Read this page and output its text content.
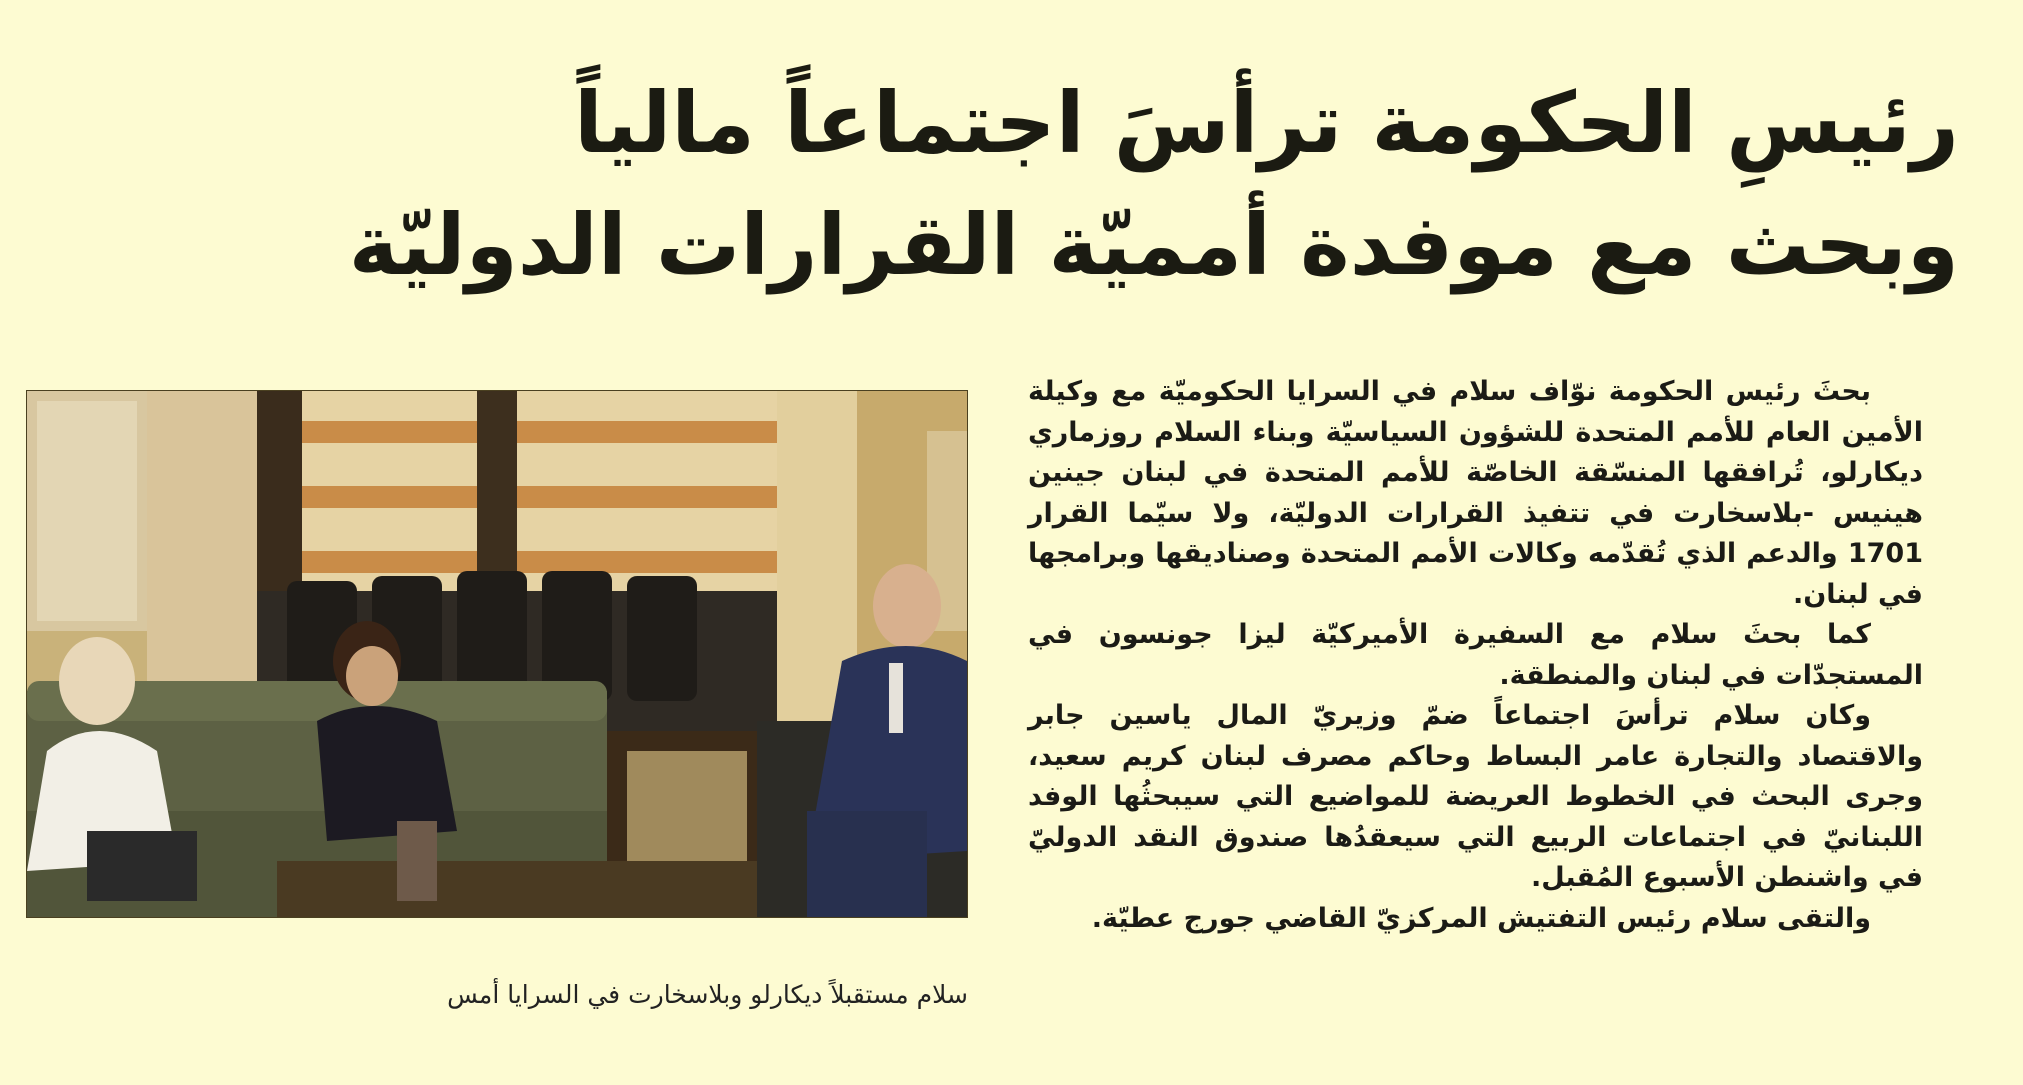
رئيسِ الحكومة ترأسَ اجتماعاً مالياً
وبحث مع موفدة أمميّة القرارات الدوليّة

بحثَ رئيس الحكومة نوّاف سلام في السرايا الحكوميّة مع وكيلة الأمين العام للأمم المتحدة للشؤون السياسيّة وبناء السلام روزماري ديكارلو، تُرافقها المنسّقة الخاصّة للأمم المتحدة في لبنان جينين هينيس -بلاسخارت في تتفيذ القرارات الدوليّة، ولا سيّما القرار 1701 والدعم الذي تُقدّمه وكالات الأمم المتحدة وصناديقها وبرامجها في لبنان.

كما بحثَ سلام مع السفيرة الأميركيّة ليزا جونسون في المستجدّات في لبنان والمنطقة.

وكان سلام ترأسَ اجتماعاً ضمّ وزيريّ المال ياسين جابر والاقتصاد والتجارة عامر البساط وحاكم مصرف لبنان كريم سعيد، وجرى البحث في الخطوط العريضة للمواضيع التي سيبحثُها الوفد اللبنانيّ في اجتماعات الربيع التي سيعقدُها صندوق النقد الدوليّ في واشنطن الأسبوع المُقبل.

والتقى سلام رئيس التفتيش المركزيّ القاضي جورج عطيّة.

سلام مستقبلاً ديكارلو وبلاسخارت في السرايا أمس
